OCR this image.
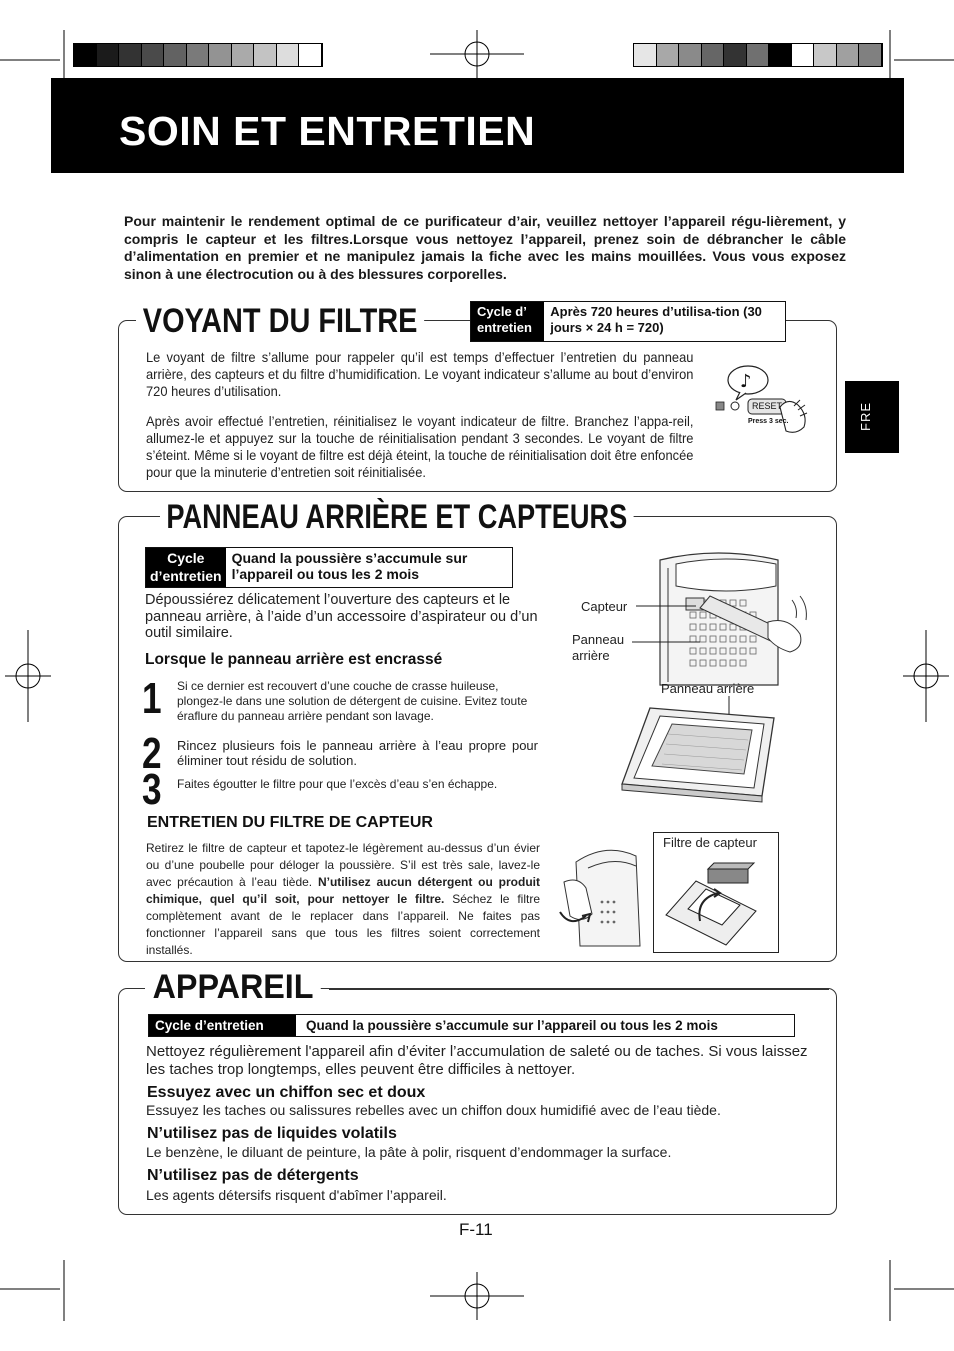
SOIN ET ENTRETIEN
Pour maintenir le rendement optimal de ce purificateur d’air, veuillez nettoyer l’appareil régu-lièrement, y compris le capteur et les filtres.Lorsque vous nettoyez l’appareil, prenez soin de débrancher le câble d’alimentation en premier et ne manipulez jamais la fiche avec les mains mouillées. Vous vous exposez sinon à une électrocution ou à des blessures corporelles.
FRE
VOYANT DU FILTRE	Cycle d’ entretien
Après 720 heures d’utilisa-tion (30 jours × 24 h = 720)
Le voyant de filtre s’allume pour rappeler qu’il est temps d’effectuer l’entretien du panneau arrière, des capteurs et du filtre d’humidification. Le voyant indicateur s’allume au bout d’environ 720 heures d’utilisation.
Après avoir effectué l’entretien, réinitialisez le voyant indicateur de filtre. Branchez l’appa-reil, allumez-le et appuyez sur la touche de réinitialisation pendant 3 secondes. Le voyant de filtre s’éteint. Même si le voyant de filtre est déjà éteint, la touche de réinitialisation doit être enfoncée pour que la minuterie d’entretien soit réinitialisée.
♪
RESET
Press 3 sec.
PANNEAU ARRIÈRE ET CAPTEURS
Cycle d’entretien
Quand la poussière s’accumule sur l’appareil ou tous les 2 mois
Dépoussiérez délicatement l’ouverture des capteurs et le panneau arrière, à l’aide d’un accessoire d’aspirateur ou d’un outil similaire.
Lorsque le panneau arrière est encrassé
1 Si ce dernier est recouvert d’une couche de crasse huileuse, plongez-le dans une solution de détergent de cuisine. Evitez toute éraflure du panneau arrière pendant son lavage.
2 Rincez plusieurs fois le panneau arrière à l’eau propre pour éliminer tout résidu de solution.
3 Faites égoutter le filtre pour que l’excès d’eau s’en échappe.
ENTRETIEN DU FILTRE DE CAPTEUR
Retirez le filtre de capteur et tapotez-le légèrement au-dessus d’un évier ou d’une poubelle pour déloger la poussière. S’il est très sale, lavez-le avec précaution à l’eau tiède. N’utilisez aucun détergent ou produit chimique, quel qu’il soit, pour nettoyer le filtre. Séchez le filtre complètement avant de le replacer dans l’appareil. Ne faites pas fonctionner l’appareil sans que tous les filtres soient correctement installés.
Capteur
Panneau arrière
Panneau arrière
Filtre de capteur
APPAREIL
Cycle d’entretien	Quand la poussière s’accumule sur l’appareil ou tous les 2 mois
Nettoyez régulièrement l'appareil afin d’éviter l’accumulation de saleté ou de taches. Si vous laissez les taches trop longtemps, elles peuvent être difficiles à nettoyer.
Essuyez avec un chiffon sec et doux
Essuyez les taches ou salissures rebelles avec un chiffon doux humidifié avec de l’eau tiède.
N’utilisez pas de liquides volatils
Le benzène, le diluant de peinture, la pâte à polir, risquent d’endommager la surface.
N’utilisez pas de détergents
Les agents détersifs risquent d'abîmer l’appareil.
F-11
